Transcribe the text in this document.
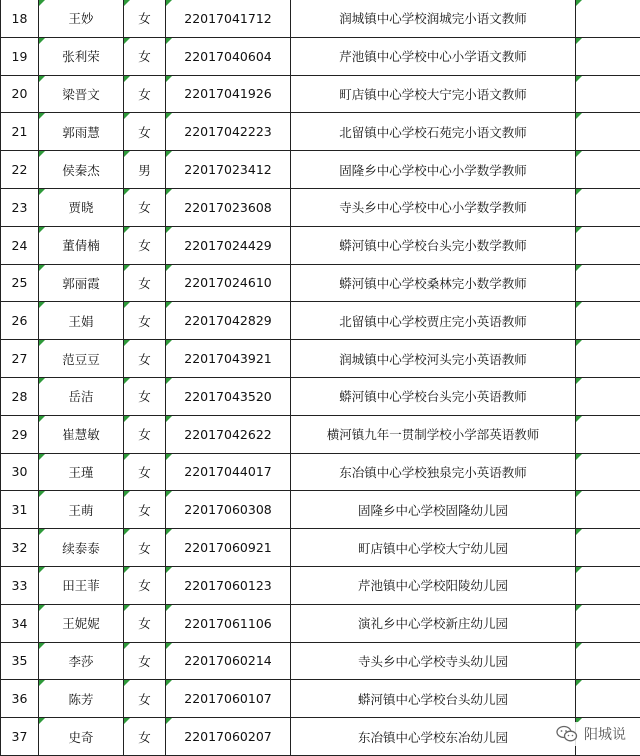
18	王妙	女	22017041712	润城镇中心学校润城完小语文教师	
19	张利荣	女	22017040604	芹池镇中心学校中心小学语文教师	
20	梁晋文	女	22017041926	町店镇中心学校大宁完小语文教师	
21	郭雨慧	女	22017042223	北留镇中心学校石苑完小语文教师	
22	侯秦杰	男	22017023412	固隆乡中心学校中心小学数学教师	
23	贾晓	女	22017023608	寺头乡中心学校中心小学数学教师	
24	董倩楠	女	22017024429	蟒河镇中心学校台头完小数学教师	
25	郭丽霞	女	22017024610	蟒河镇中心学校桑林完小数学教师	
26	王娟	女	22017042829	北留镇中心学校贾庄完小英语教师	
27	范豆豆	女	22017043921	润城镇中心学校河头完小英语教师	
28	岳洁	女	22017043520	蟒河镇中心学校台头完小英语教师	
29	崔慧敏	女	22017042622	横河镇九年一贯制学校小学部英语教师	
30	王瑾	女	22017044017	东冶镇中心学校独泉完小英语教师	
31	王萌	女	22017060308	固隆乡中心学校固隆幼儿园	
32	续泰泰	女	22017060921	町店镇中心学校大宁幼儿园	
33	田王菲	女	22017060123	芹池镇中心学校阳陵幼儿园	
34	王妮妮	女	22017061106	演礼乡中心学校新庄幼儿园	
35	李莎	女	22017060214	寺头乡中心学校寺头幼儿园	
36	陈芳	女	22017060107	蟒河镇中心学校台头幼儿园	
37	史奇	女	22017060207	东冶镇中心学校东冶幼儿园		阳城说
